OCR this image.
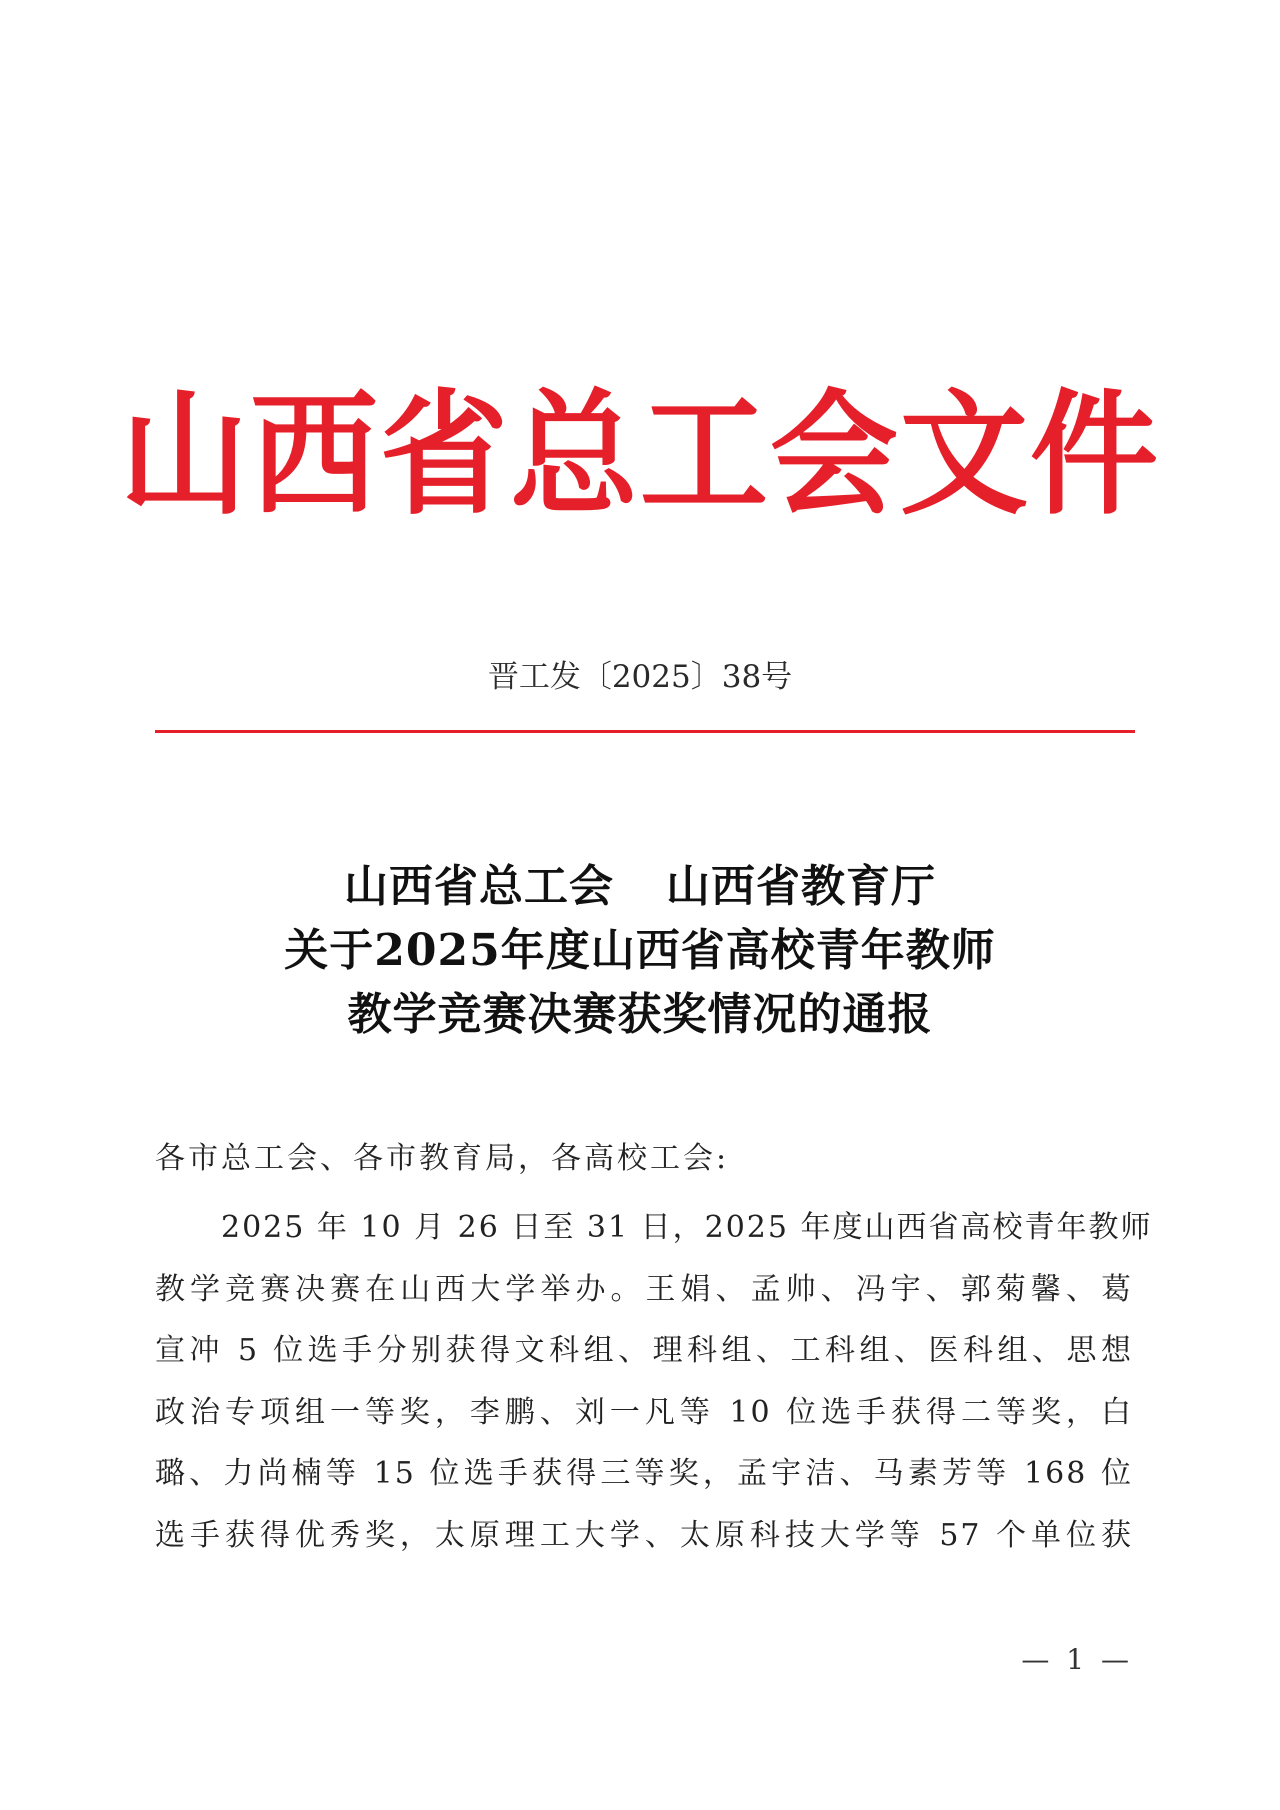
山西省总工会文件
晋工发〔2025〕38号
山西省总工会 山西省教育厅
关于2025年度山西省高校青年教师
教学竞赛决赛获奖情况的通报
各市总工会、各市教育局，各高校工会:
2025 年 10 月 26 日至 31 日，2025 年度山西省高校青年教师
教学竞赛决赛在山西大学举办。王娟、孟帅、冯宇、郭菊馨、葛
宣冲 5 位选手分别获得文科组、理科组、工科组、医科组、思想
政治专项组一等奖，李鹏、刘一凡等 10 位选手获得二等奖，白
璐、力尚楠等 15 位选手获得三等奖，孟宇洁、马素芳等 168 位
选手获得优秀奖，太原理工大学、太原科技大学等 57 个单位获
— 1 —
